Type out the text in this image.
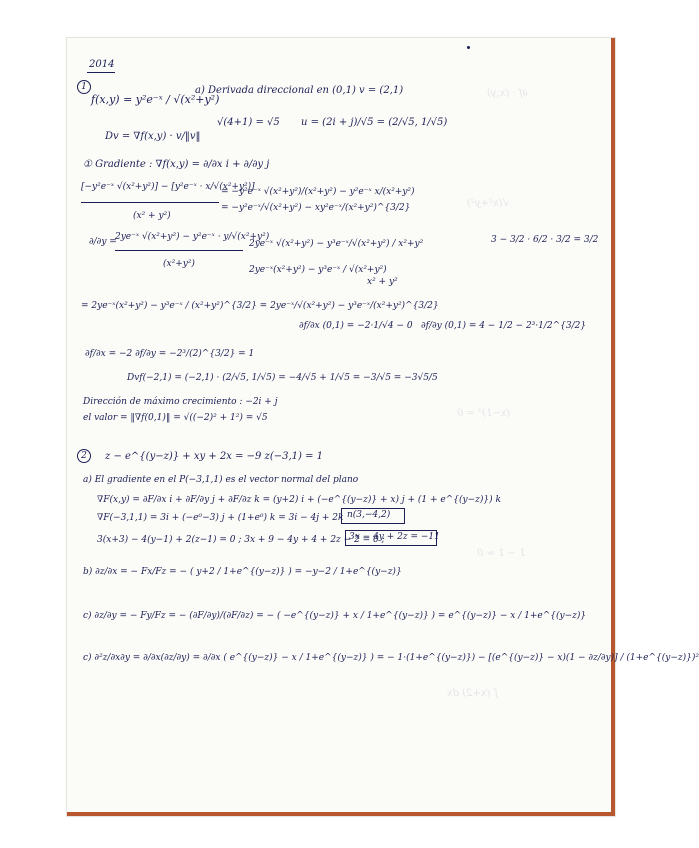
∂f · (x,y)
√(x²+y²)
(x−1)² = 0
1 − 1 ≈ 0
∫ (x+2) dx
2014
1
f(x,y) = y²e⁻ˣ / √(x²+y²)
a) Derivada direccional en (0,1) v = (2,1)
√(4+1) = √5 u = (2i + j)/√5 = (2/√5, 1/√5)
Dv = ∇f(x,y) · v/‖v‖
① Gradiente : ∇f(x,y) = ∂/∂x i + ∂/∂y j
[−y²e⁻ˣ √(x²+y²)] − [y²e⁻ˣ · x/√(x²+y²)]
(x² + y²)
= −y²e⁻ˣ √(x²+y²)/(x²+y²) − y²e⁻ˣ x/(x²+y²)
= −y²e⁻ˣ/√(x²+y²) − xy²e⁻ˣ/(x²+y²)^{3/2}
∂/∂y =
2ye⁻ˣ √(x²+y²) − y²e⁻ˣ · y/√(x²+y²)
(x²+y²)
2ye⁻ˣ √(x²+y²) − y³e⁻ˣ/√(x²+y²) / x²+y²
2ye⁻ˣ(x²+y²) − y³e⁻ˣ / √(x²+y²)
x² + y²
3 − 3/2 · 6/2 · 3/2 = 3/2
= 2ye⁻ˣ(x²+y²) − y³e⁻ˣ / (x²+y²)^{3/2} = 2ye⁻ˣ/√(x²+y²) − y³e⁻ˣ/(x²+y²)^{3/2}
∂f/∂x (0,1) = −2·1/√4 − 0 ∂f/∂y (0,1) = 4 − 1/2 − 2³·1/2^{3/2}
∂f/∂x = −2 ∂f/∂y = −2³/(2)^{3/2} = 1
Dvf(−2,1) = (−2,1) · (2/√5, 1/√5) = −4/√5 + 1/√5 = −3/√5 = −3√5/5
Dirección de máximo crecimiento : −2i + j
el valor = ‖∇f(0,1)‖ = √((−2)² + 1²) = √5
2	z − e^{(y−z)} + xy + 2x = −9 z(−3,1) = 1
a) El gradiente en el P(−3,1,1) es el vector normal del plano
∇F(x,y) = ∂F/∂x i + ∂F/∂y j + ∂F/∂z k = (y+2) i + (−e^{(y−z)} + x) j + (1 + e^{(y−z)}) k
∇F(−3,1,1) = 3i + (−e⁰−3) j + (1+e⁰) k = 3i − 4j + 2k n(3,−4,2)
3(x+3) − 4(y−1) + 2(z−1) = 0 ; 3x + 9 − 4y + 4 + 2z − 2 = 0 ;
3x − 4y + 2z = −11
b) ∂z/∂x = − Fx/Fz = − ( y+2 / 1+e^{(y−z)} ) = −y−2 / 1+e^{(y−z)}
c) ∂z/∂y = − Fy/Fz = − (∂F/∂y)/(∂F/∂z) = − ( −e^{(y−z)} + x / 1+e^{(y−z)} ) = e^{(y−z)} − x / 1+e^{(y−z)}
c) ∂²z/∂x∂y = ∂/∂x(∂z/∂y) = ∂/∂x ( e^{(y−z)} − x / 1+e^{(y−z)} ) = − 1·(1+e^{(y−z)}) − [(e^{(y−z)} − x)(1 − ∂z/∂y)] / (1+e^{(y−z)})²
